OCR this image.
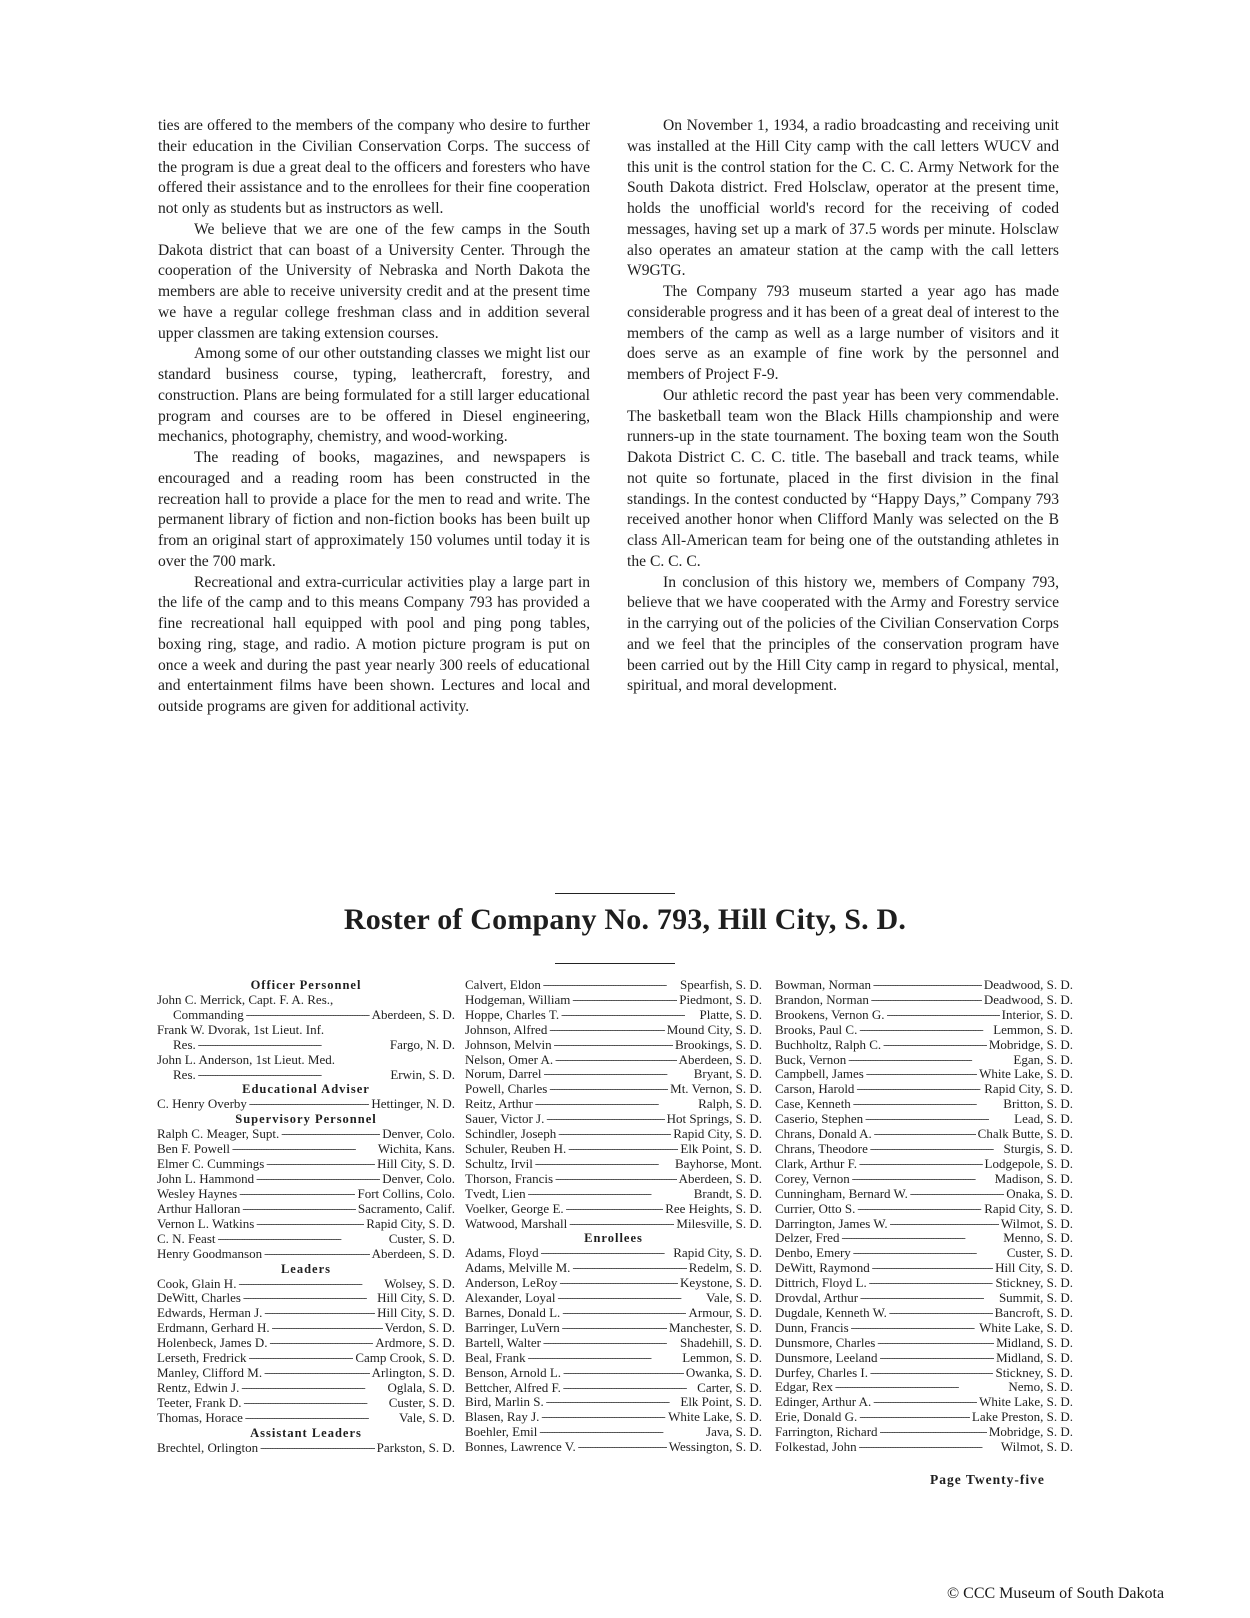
ties are offered to the members of the company who desire to further their education in the Civilian Conservation Corps. The success of the program is due a great deal to the officers and foresters who have offered their assistance and to the enrollees for their fine cooperation not only as students but as instructors as well.

We believe that we are one of the few camps in the South Dakota district that can boast of a University Center. Through the cooperation of the University of Nebraska and North Dakota the members are able to receive university credit and at the present time we have a regular college freshman class and in addition several upper classmen are taking extension courses.

Among some of our other outstanding classes we might list our standard business course, typing, leathercraft, forestry, and construction. Plans are being formulated for a still larger educational program and courses are to be offered in Diesel engineering, mechanics, photography, chemistry, and wood-working.

The reading of books, magazines, and newspapers is encouraged and a reading room has been constructed in the recreation hall to provide a place for the men to read and write. The permanent library of fiction and non-fiction books has been built up from an original start of approximately 150 volumes until today it is over the 700 mark.

Recreational and extra-curricular activities play a large part in the life of the camp and to this means Company 793 has provided a fine recreational hall equipped with pool and ping pong tables, boxing ring, stage, and radio. A motion picture program is put on once a week and during the past year nearly 300 reels of educational and entertainment films have been shown. Lectures and local and outside programs are given for additional activity.

On November 1, 1934, a radio broadcasting and receiving unit was installed at the Hill City camp with the call letters WUCV and this unit is the control station for the C. C. C. Army Network for the South Dakota district. Fred Holsclaw, operator at the present time, holds the unofficial world's record for the receiving of coded messages, having set up a mark of 37.5 words per minute. Holsclaw also operates an amateur station at the camp with the call letters W9GTG.

The Company 793 museum started a year ago has made considerable progress and it has been of a great deal of interest to the members of the camp as well as a large number of visitors and it does serve as an example of fine work by the personnel and members of Project F-9.

Our athletic record the past year has been very commendable. The basketball team won the Black Hills championship and were runners-up in the state tournament. The boxing team won the South Dakota District C. C. C. title. The baseball and track teams, while not quite so fortunate, placed in the first division in the final standings. In the contest conducted by “Happy Days,” Company 793 received another honor when Clifford Manly was selected on the B class All-American team for being one of the outstanding athletes in the C. C. C.

In conclusion of this history we, members of Company 793, believe that we have cooperated with the Army and Forestry service in the carrying out of the policies of the Civilian Conservation Corps and we feel that the principles of the conservation program have been carried out by the Hill City camp in regard to physical, mental, spiritual, and moral development.

Roster of Company No. 793, Hill City, S. D.
Officer Personnel
John C. Merrick, Capt. F. A. Res.,
Commanding - - -	Aberdeen, S. D.
Frank W. Dvorak, 1st Lieut. Inf.
Res. - - -	Fargo, N. D.
John L. Anderson, 1st Lieut. Med.
Res. - - -	Erwin, S. D.
Educational Adviser
C. Henry Overby - - -	Hettinger, N. D.
Supervisory Personnel
Ralph C. Meager, Supt. - - -	Denver, Colo.
Ben F. Powell - - -	Wichita, Kans.
Elmer C. Cummings - - -	Hill City, S. D.
John L. Hammond - - -	Denver, Colo.
Wesley Haynes - - -	Fort Collins, Colo.
Arthur Halloran - - -	Sacramento, Calif.
Vernon L. Watkins - - -	Rapid City, S. D.
C. N. Feast - - -	Custer, S. D.
Henry Goodmanson - - -	Aberdeen, S. D.
Leaders
Cook, Glain H. - - -	Wolsey, S. D.
DeWitt, Charles - - -	Hill City, S. D.
Edwards, Herman J. - - -	Hill City, S. D.
Erdmann, Gerhard H. - - -	Verdon, S. D.
Holenbeck, James D. - - -	Ardmore, S. D.
Lerseth, Fredrick - - -	Camp Crook, S. D.
Manley, Clifford M. - - -	Arlington, S. D.
Rentz, Edwin J. - - -	Oglala, S. D.
Teeter, Frank D. - - -	Custer, S. D.
Thomas, Horace - - -	Vale, S. D.
Assistant Leaders
Brechtel, Orlington - - -	Parkston, S. D.
Calvert, Eldon - - -	Spearfish, S. D.
Hodgeman, William - - -	Piedmont, S. D.
Hoppe, Charles T. - - -	Platte, S. D.
Johnson, Alfred - - -	Mound City, S. D.
Johnson, Melvin - - -	Brookings, S. D.
Nelson, Omer A. - - -	Aberdeen, S. D.
Norum, Darrel - - -	Bryant, S. D.
Powell, Charles - - -	Mt. Vernon, S. D.
Reitz, Arthur - - -	Ralph, S. D.
Sauer, Victor J. - - -	Hot Springs, S. D.
Schindler, Joseph - - -	Rapid City, S. D.
Schuler, Reuben H. - - -	Elk Point, S. D.
Schultz, Irvil - - -	Bayhorse, Mont.
Thorson, Francis - - -	Aberdeen, S. D.
Tvedt, Lien - - -	Brandt, S. D.
Voelker, George E. - - -	Ree Heights, S. D.
Watwood, Marshall - - -	Milesville, S. D.
Enrollees
Adams, Floyd - - -	Rapid City, S. D.
Adams, Melville M. - - -	Redelm, S. D.
Anderson, LeRoy - - -	Keystone, S. D.
Alexander, Loyal - - -	Vale, S. D.
Barnes, Donald L. - - -	Armour, S. D.
Barringer, LuVern - - -	Manchester, S. D.
Bartell, Walter - - -	Shadehill, S. D.
Beal, Frank - - -	Lemmon, S. D.
Benson, Arnold L. - - -	Owanka, S. D.
Bettcher, Alfred F. - - -	Carter, S. D.
Bird, Marlin S. - - -	Elk Point, S. D.
Blasen, Ray J. - - -	White Lake, S. D.
Boehler, Emil - - -	Java, S. D.
Bonnes, Lawrence V. - - -	Wessington, S. D.
Bowman, Norman - - -	Deadwood, S. D.
Brandon, Norman - - -	Deadwood, S. D.
Brookens, Vernon G. - - -	Interior, S. D.
Brooks, Paul C. - - -	Lemmon, S. D.
Buchholtz, Ralph C. - - -	Mobridge, S. D.
Buck, Vernon - - -	Egan, S. D.
Campbell, James - - -	White Lake, S. D.
Carson, Harold - - -	Rapid City, S. D.
Case, Kenneth - - -	Britton, S. D.
Caserio, Stephen - - -	Lead, S. D.
Chrans, Donald A. - - -	Chalk Butte, S. D.
Chrans, Theodore - - -	Sturgis, S. D.
Clark, Arthur F. - - -	Lodgepole, S. D.
Corey, Vernon - - -	Madison, S. D.
Cunningham, Bernard W. - - -	Onaka, S. D.
Currier, Otto S. - - -	Rapid City, S. D.
Darrington, James W. - - -	Wilmot, S. D.
Delzer, Fred - - -	Menno, S. D.
Denbo, Emery - - -	Custer, S. D.
DeWitt, Raymond - - -	Hill City, S. D.
Dittrich, Floyd L. - - -	Stickney, S. D.
Drovdal, Arthur - - -	Summit, S. D.
Dugdale, Kenneth W. - - -	Bancroft, S. D.
Dunn, Francis - - -	White Lake, S. D.
Dunsmore, Charles - - -	Midland, S. D.
Dunsmore, Leeland - - -	Midland, S. D.
Durfey, Charles I. - - -	Stickney, S. D.
Edgar, Rex - - -	Nemo, S. D.
Edinger, Arthur A. - - -	White Lake, S. D.
Erie, Donald G. - - -	Lake Preston, S. D.
Farrington, Richard - - -	Mobridge, S. D.
Folkestad, John - - -	Wilmot, S. D.
Page Twenty-five
© CCC Museum of South Dakota
